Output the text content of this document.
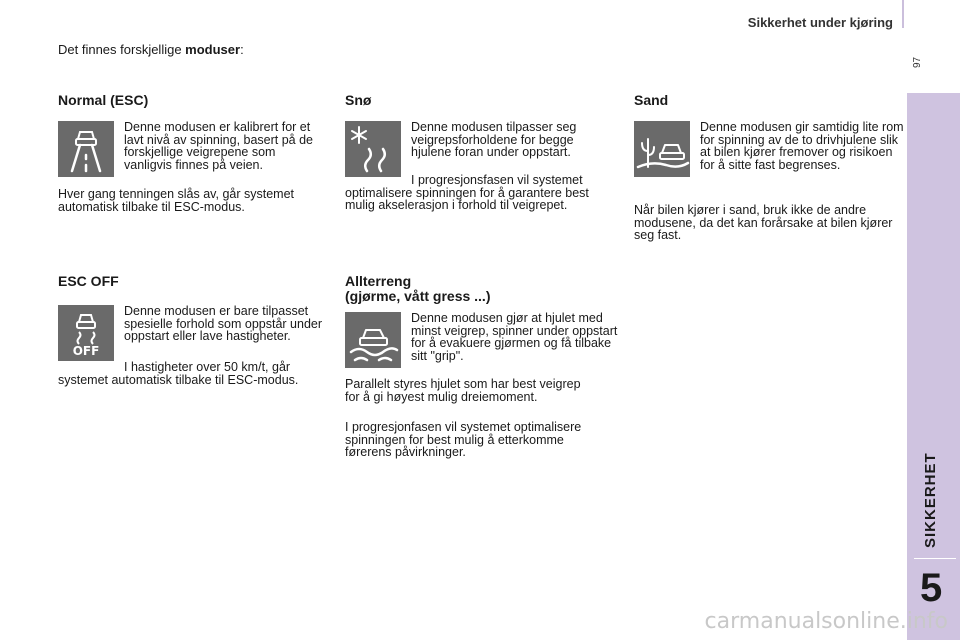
Sikkerhet under kjøring
97
SIKKERHET
5
Det finnes forskjellige moduser:
Normal (ESC)

Denne modusen er kalibrert for et lavt nivå av spinning, basert på de forskjellige veigrepene som vanligvis finnes på veien.

Hver gang tenningen slås av, går systemet automatisk tilbake til ESC-modus.

ESC OFF
OFF

Denne modusen er bare tilpasset spesielle forhold som oppstår under oppstart eller lave hastigheter.

I hastigheter over 50 km/t, går systemet automatisk tilbake til ESC-modus.

Snø

Denne modusen tilpasser seg veigrepsforholdene for begge hjulene foran under oppstart.

I progresjonsfasen vil systemet optimalisere spinningen for å garantere best mulig akselerasjon i forhold til veigrepet.

Allterreng
(gjørme, vått gress ...)

Denne modusen gjør at hjulet med minst veigrep, spinner under oppstart for å evakuere gjørmen og få tilbake sitt "grip".

Parallelt styres hjulet som har best veigrep for å gi høyest mulig dreiemoment.

I progresjonfasen vil systemet optimalisere spinningen for best mulig å etterkomme førerens påvirkninger.

Sand

Denne modusen gir samtidig lite rom for spinning av de to drivhjulene slik at bilen kjører fremover og risikoen for å sitte fast begrenses.

Når bilen kjører i sand, bruk ikke de andre modusene, da det kan forårsake at bilen kjører seg fast.

carmanualsonline.info
